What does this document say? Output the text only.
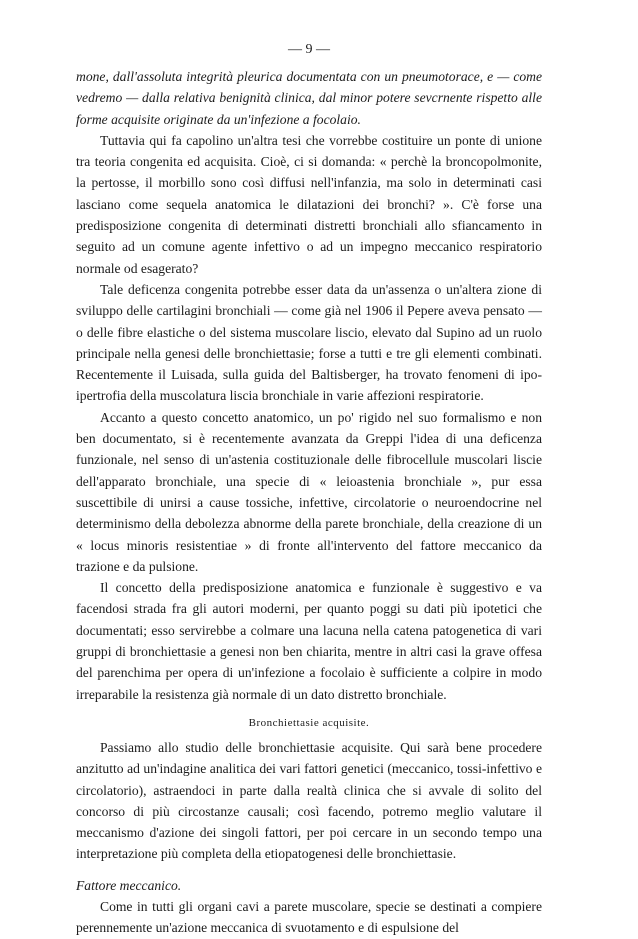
— 9 —

mone, dall'assoluta integrità pleurica documentata con un pneumotorace, e — come vedremo — dalla relativa benignità clinica, dal minor potere sevcrnente rispetto alle forme acquisite originate da un'infezione a focolaio.

Tuttavia qui fa capolino un'altra tesi che vorrebbe costituire un ponte di unione tra teoria congenita ed acquisita. Cioè, ci si domanda: « perchè la broncopolmonite, la pertosse, il morbillo sono così diffusi nell'infanzia, ma solo in determinati casi lasciano come sequela anatomica le dilatazioni dei bronchi? ». C'è forse una predisposizione congenita di determinati distretti bronchiali allo sfiancamento in seguito ad un comune agente infettivo o ad un impegno meccanico respiratorio normale od esagerato?

Tale deficenza congenita potrebbe esser data da un'assenza o un'altera zione di sviluppo delle cartilagini bronchiali — come già nel 1906 il Pepere aveva pensato — o delle fibre elastiche o del sistema muscolare liscio, elevato dal Supino ad un ruolo principale nella genesi delle bronchiettasie; forse a tutti e tre gli elementi combinati. Recentemente il Luisada, sulla guida del Baltisberger, ha trovato fenomeni di ipo-ipertrofia della muscolatura liscia bronchiale in varie affezioni respiratorie.

Accanto a questo concetto anatomico, un po' rigido nel suo formalismo e non ben documentato, si è recentemente avanzata da Greppi l'idea di una deficenza funzionale, nel senso di un'astenia costituzionale delle fibrocellule muscolari liscie dell'apparato bronchiale, una specie di « leioastenia bronchiale », pur essa suscettibile di unirsi a cause tossiche, infettive, circolatorie o neuroendocrine nel determinismo della debolezza abnorme della parete bronchiale, della creazione di un « locus minoris resistentiae » di fronte all'intervento del fattore meccanico da trazione e da pulsione.

Il concetto della predisposizione anatomica e funzionale è suggestivo e va facendosi strada fra gli autori moderni, per quanto poggi su dati più ipotetici che documentati; esso servirebbe a colmare una lacuna nella catena patogenetica di vari gruppi di bronchiettasie a genesi non ben chiarita, mentre in altri casi la grave offesa del parenchima per opera di un'infezione a focolaio è sufficiente a colpire in modo irreparabile la resistenza già normale di un dato distretto bronchiale.

Bronchiettasie acquisite.

Passiamo allo studio delle bronchiettasie acquisite. Qui sarà bene procedere anzitutto ad un'indagine analitica dei vari fattori genetici (meccanico, tossi-infettivo e circolatorio), astraendoci in parte dalla realtà clinica che si avvale di solito del concorso di più circostanze causali; così facendo, potremo meglio valutare il meccanismo d'azione dei singoli fattori, per poi cercare in un secondo tempo una interpretazione più completa della etiopatogenesi delle bronchiettasie.

Fattore meccanico.

Come in tutti gli organi cavi a parete muscolare, specie se destinati a compiere perennemente un'azione meccanica di svuotamento e di espulsione del
